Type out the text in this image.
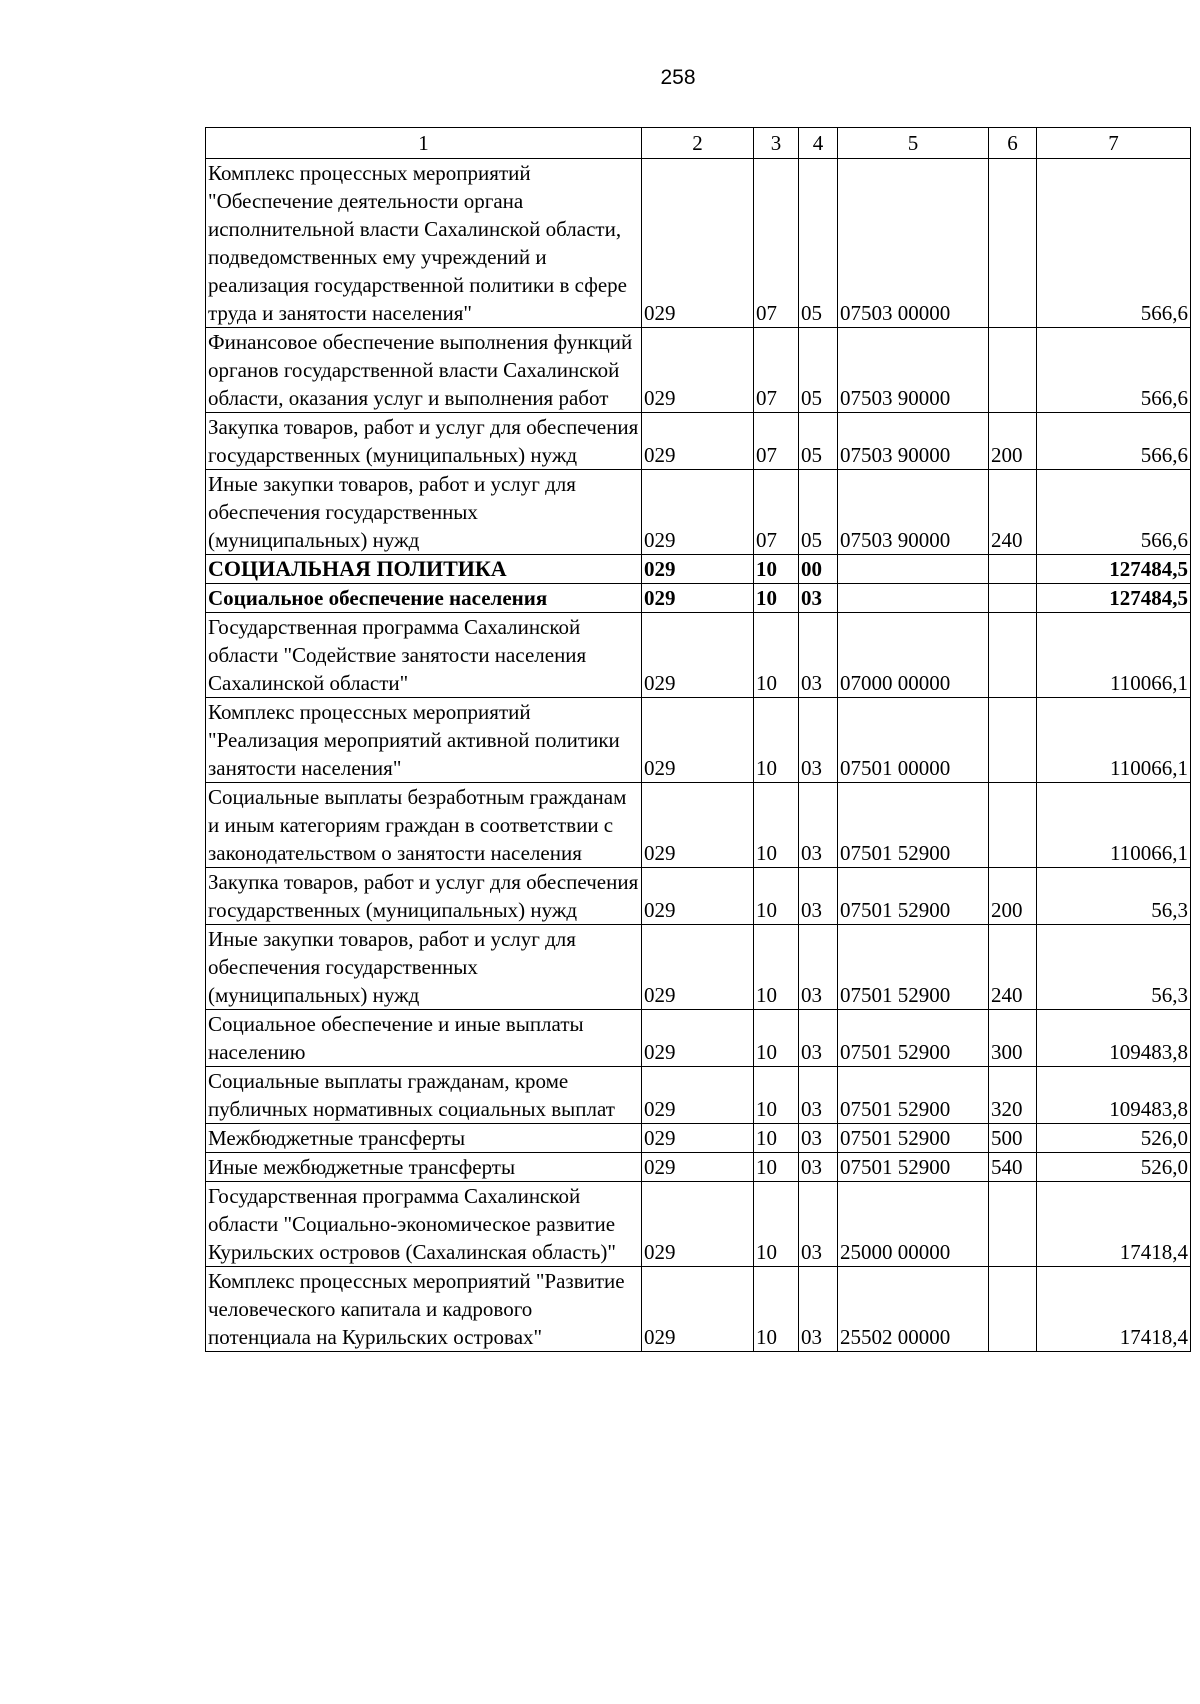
258
1	2	3	4	5	6	7
Комплекс процессных мероприятий "Обеспечение деятельности органа исполнительной власти Сахалинской области, подведомственных ему учреждений и реализация государственной политики в сфере труда и занятости населения"	029	07	05	07503 00000		566,6
Финансовое обеспечение выполнения функций органов государственной власти Сахалинской области, оказания услуг и выполнения работ	029	07	05	07503 90000		566,6
Закупка товаров, работ и услуг для обеспечения государственных (муниципальных) нужд	029	07	05	07503 90000	200	566,6
Иные закупки товаров, работ и услуг для обеспечения государственных (муниципальных) нужд	029	07	05	07503 90000	240	566,6
СОЦИАЛЬНАЯ ПОЛИТИКА	029	10	00			127484,5
Социальное обеспечение населения	029	10	03			127484,5
Государственная программа Сахалинской области "Содействие занятости населения Сахалинской области"	029	10	03	07000 00000		110066,1
Комплекс процессных мероприятий "Реализация мероприятий активной политики занятости населения"	029	10	03	07501 00000		110066,1
Социальные выплаты безработным гражданам и иным категориям граждан в соответствии с законодательством о занятости населения	029	10	03	07501 52900		110066,1
Закупка товаров, работ и услуг для обеспечения государственных (муниципальных) нужд	029	10	03	07501 52900	200	56,3
Иные закупки товаров, работ и услуг для обеспечения государственных (муниципальных) нужд	029	10	03	07501 52900	240	56,3
Социальное обеспечение и иные выплаты населению	029	10	03	07501 52900	300	109483,8
Социальные выплаты гражданам, кроме публичных нормативных социальных выплат	029	10	03	07501 52900	320	109483,8
Межбюджетные трансферты	029	10	03	07501 52900	500	526,0
Иные межбюджетные трансферты	029	10	03	07501 52900	540	526,0
Государственная программа Сахалинской области "Социально-экономическое развитие Курильских островов (Сахалинская область)"	029	10	03	25000 00000		17418,4
Комплекс процессных мероприятий "Развитие человеческого капитала и кадрового потенциала на Курильских островах"	029	10	03	25502 00000		17418,4
